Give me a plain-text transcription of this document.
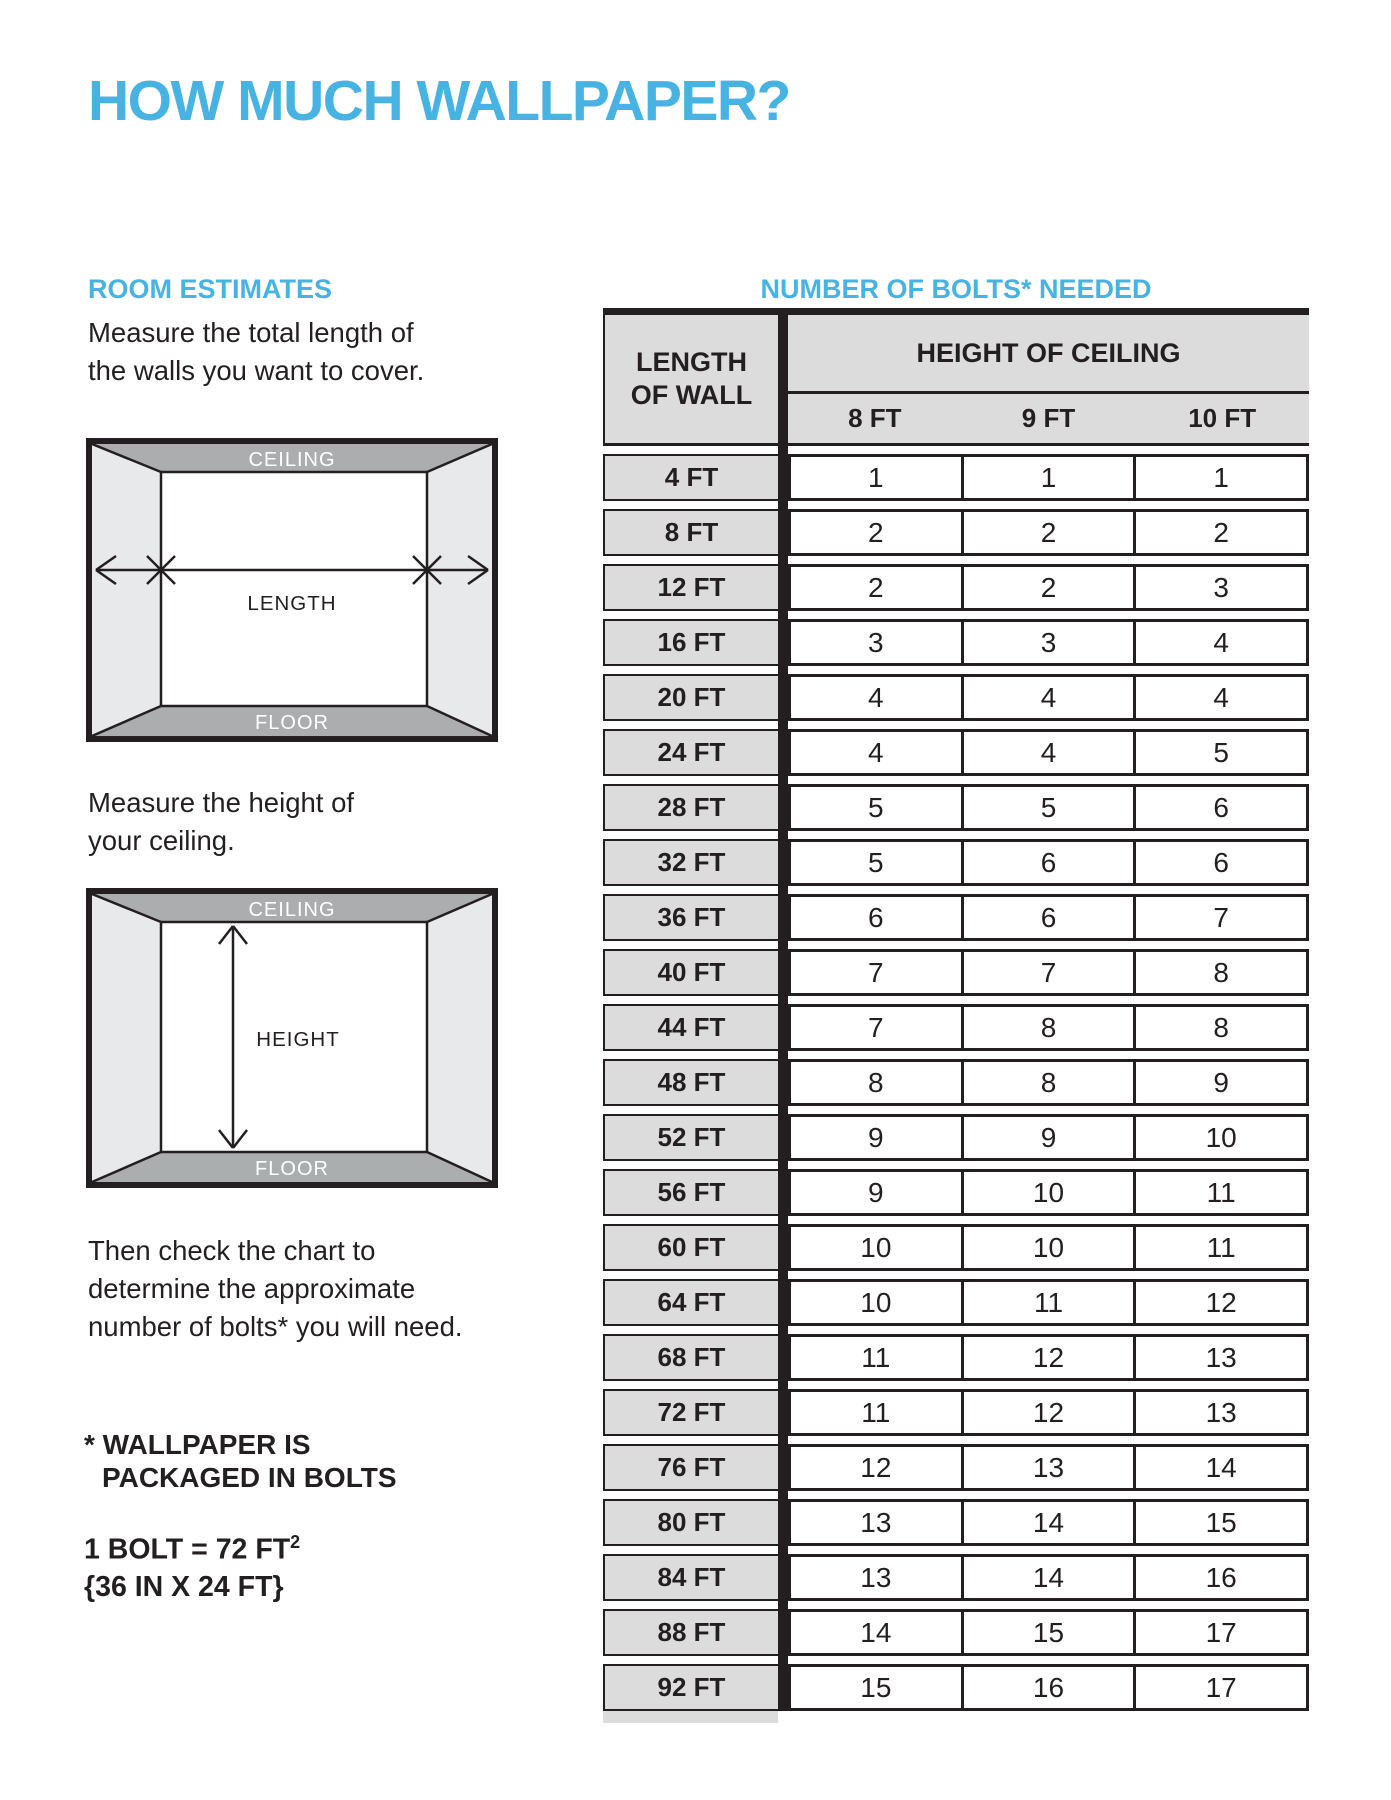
HOW MUCH WALLPAPER?
ROOM ESTIMATES	NUMBER OF BOLTS* NEEDED
Measure the total length of
the walls you want to cover.
CEILING
LENGTH
FLOOR
Measure the height of
your ceiling.
CEILING
HEIGHT
FLOOR
Then check the chart to
determine the approximate
number of bolts* you will need.
* WALLPAPER IS
PACKAGED IN BOLTS
1 BOLT = 72 $FT^2$
{36 IN X 24 FT}
LENGTH
OF WALL
HEIGHT OF CEILING
8 FT	9 FT	10 FT
4 FT	1	1	1
8 FT	2	2	2
12 FT	2	2	3
16 FT	3	3	4
20 FT	4	4	4
24 FT	4	4	5
28 FT	5	5	6
32 FT	5	6	6
36 FT	6	6	7
40 FT	7	7	8
44 FT	7	8	8
48 FT	8	8	9
52 FT	9	9	10
56 FT	9	10	11
60 FT	10	10	11
64 FT	10	11	12
68 FT	11	12	13
72 FT	11	12	13
76 FT	12	13	14
80 FT	13	14	15
84 FT	13	14	16
88 FT	14	15	17
92 FT	15	16	17
